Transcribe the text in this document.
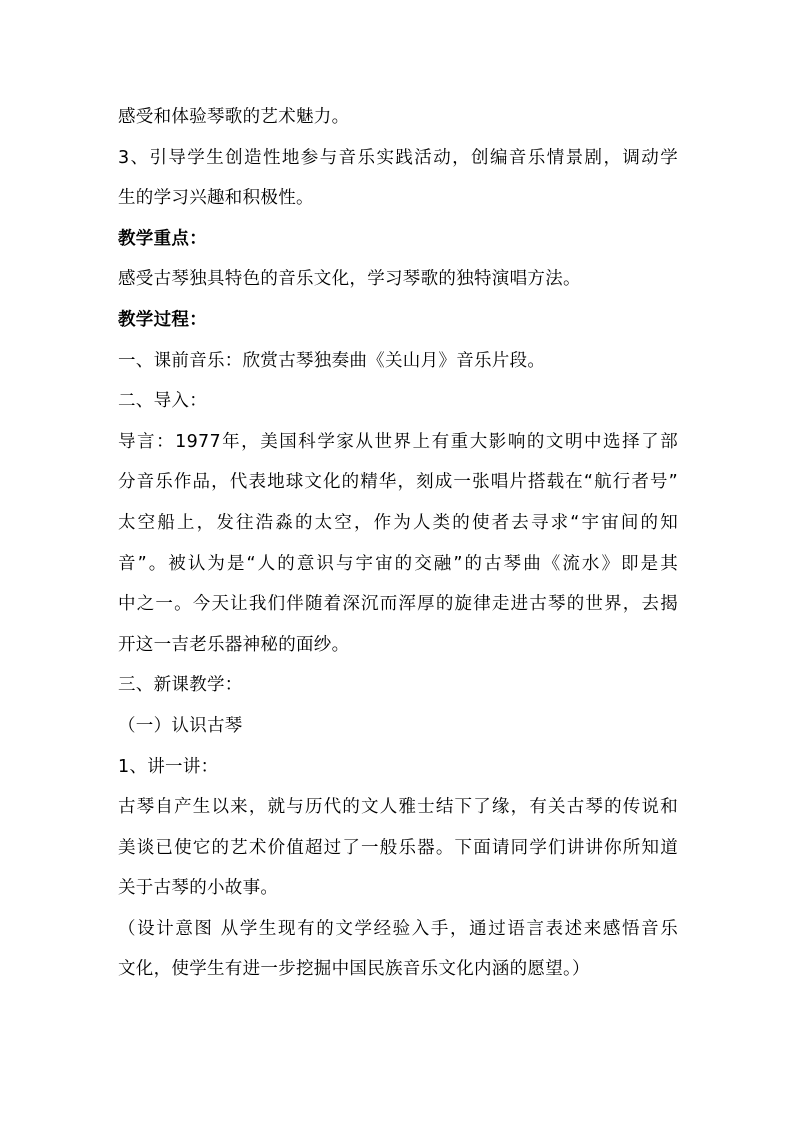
感受和体验琴歌的艺术魅力。
3、引导学生创造性地参与音乐实践活动，创编音乐情景剧，调动学
生的学习兴趣和积极性。
教学重点：
感受古琴独具特色的音乐文化，学习琴歌的独特演唱方法。
教学过程：
一、课前音乐：欣赏古琴独奏曲《关山月》音乐片段。
二、导入：
导言：1977年，美国科学家从世界上有重大影响的文明中选择了部
分音乐作品，代表地球文化的精华，刻成一张唱片搭载在“航行者号”
太空船上，发往浩淼的太空，作为人类的使者去寻求“宇宙间的知
音”。被认为是“人的意识与宇宙的交融”的古琴曲《流水》即是其
中之一。今天让我们伴随着深沉而浑厚的旋律走进古琴的世界，去揭
开这一吉老乐器神秘的面纱。
三、新课教学：
（一）认识古琴
1、讲一讲：
古琴自产生以来，就与历代的文人雅士结下了缘，有关古琴的传说和
美谈已使它的艺术价值超过了一般乐器。下面请同学们讲讲你所知道
关于古琴的小故事。
（设计意图 从学生现有的文学经验入手，通过语言表述来感悟音乐
文化，使学生有进一步挖掘中国民族音乐文化内涵的愿望。）
